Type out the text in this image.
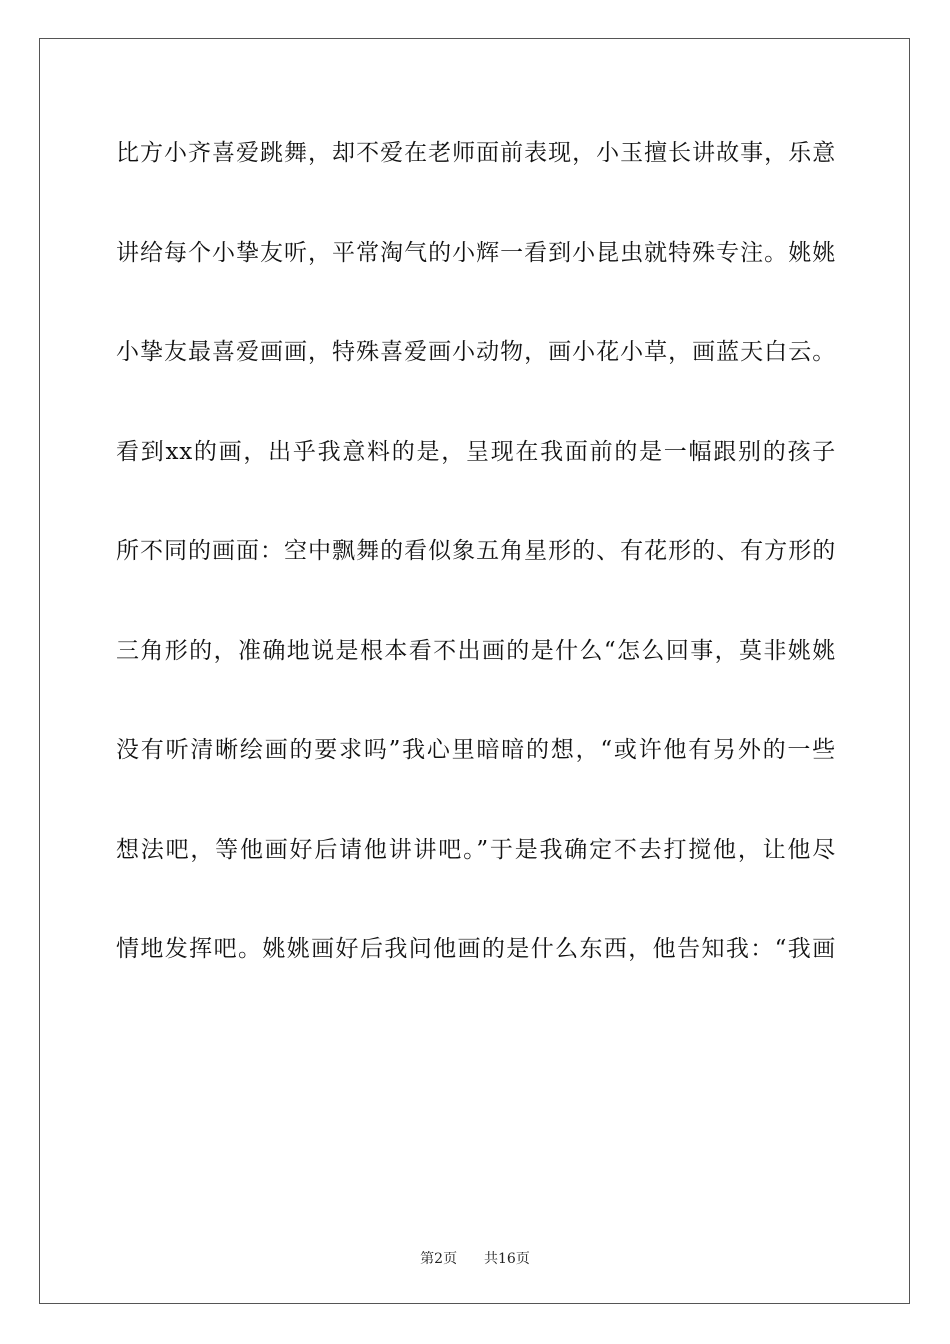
比方小齐喜爱跳舞，却不爱在老师面前表现，小玉擅长讲故事，乐意
讲给每个小挚友听，平常淘气的小辉一看到小昆虫就特殊专注。姚姚
小挚友最喜爱画画，特殊喜爱画小动物，画小花小草，画蓝天白云。
看到xx的画，出乎我意料的是，呈现在我面前的是一幅跟别的孩子
所不同的画面：空中飘舞的看似象五角星形的、有花形的、有方形的
三角形的，准确地说是根本看不出画的是什么“怎么回事，莫非姚姚
没有听清晰绘画的要求吗”我心里暗暗的想，“或许他有另外的一些
想法吧，等他画好后请他讲讲吧。”于是我确定不去打搅他，让他尽
情地发挥吧。姚姚画好后我问他画的是什么东西，他告知我：“我画
第2页 共16页
